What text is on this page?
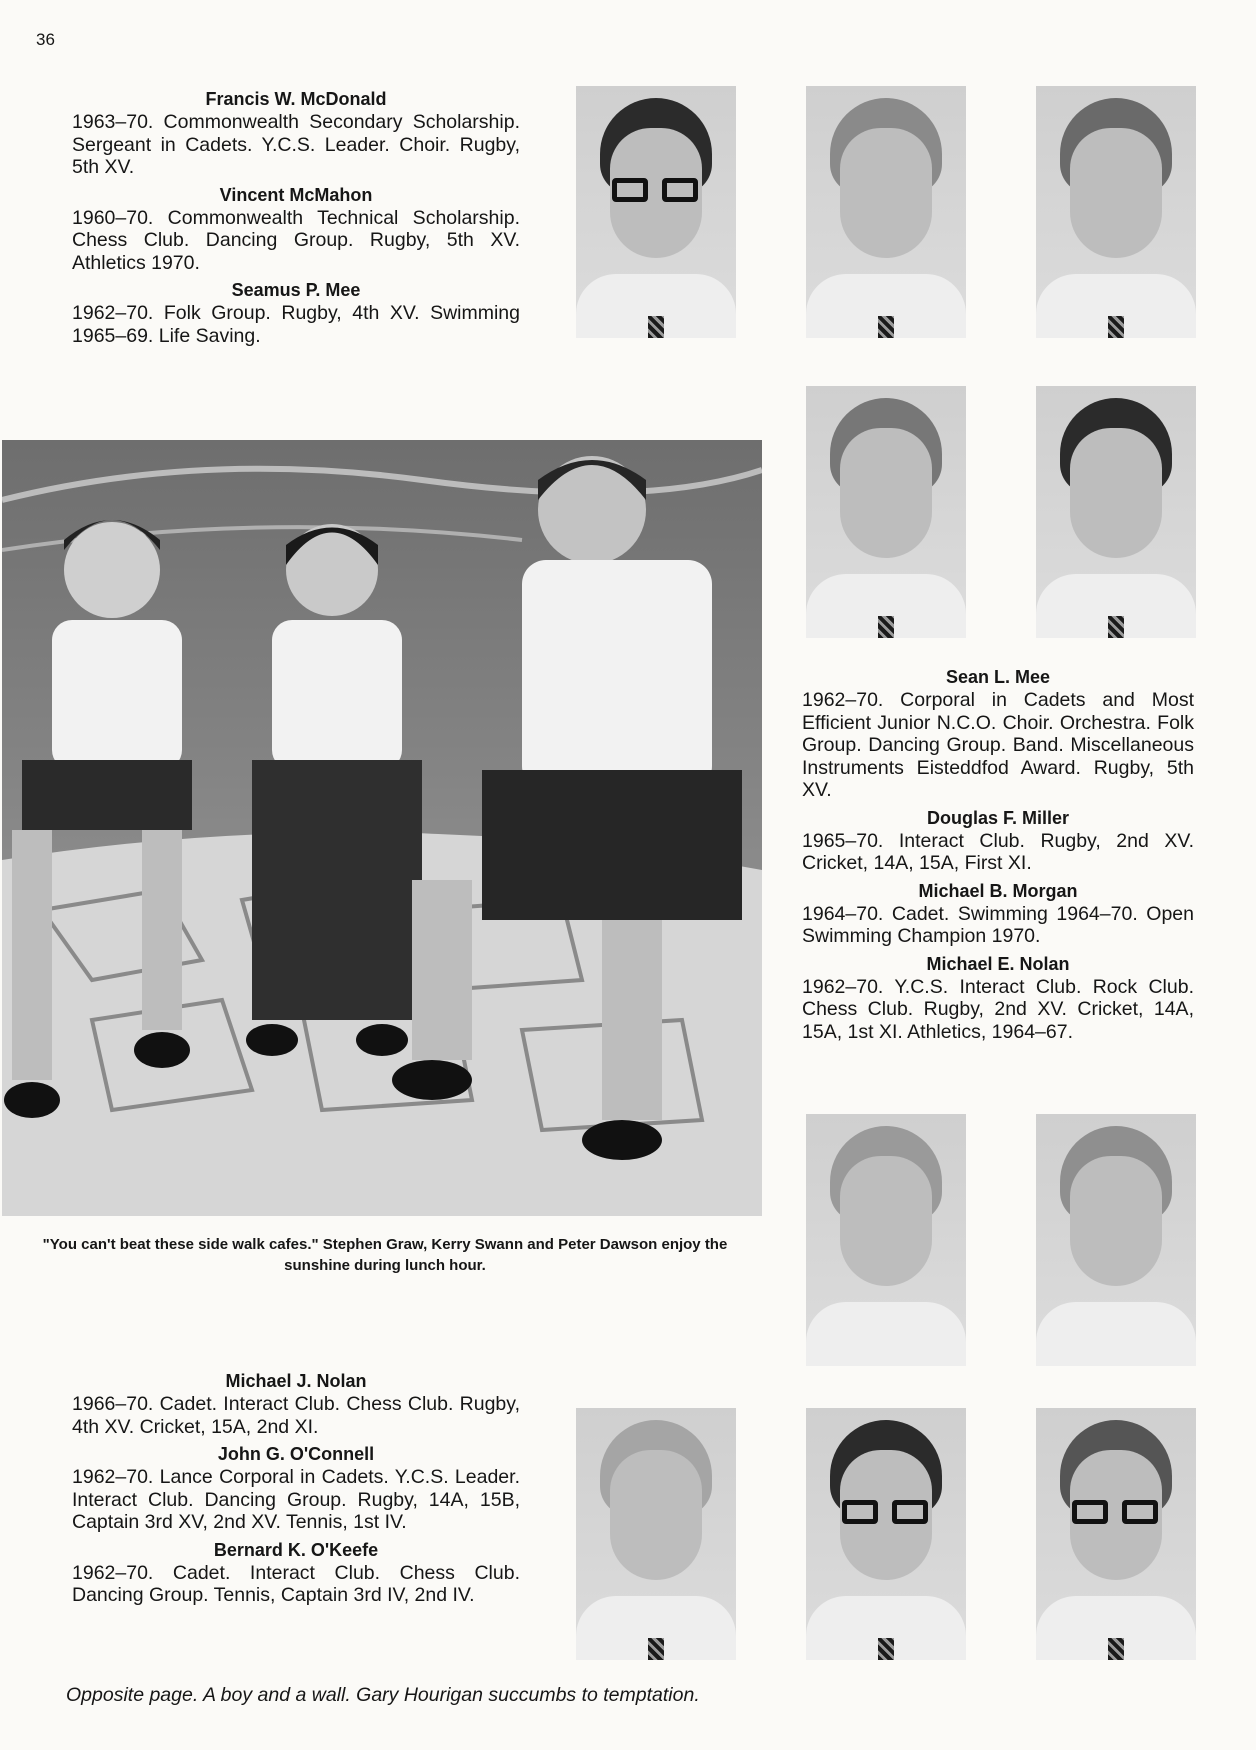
36
Francis W. McDonald
1963–70. Commonwealth Secondary Scholarship. Sergeant in Cadets. Y.C.S. Leader. Choir. Rugby, 5th XV.
Vincent McMahon
1960–70. Commonwealth Technical Scholarship. Chess Club. Dancing Group. Rugby, 5th XV. Athletics 1970.
Seamus P. Mee
1962–70. Folk Group. Rugby, 4th XV. Swimming 1965–69. Life Saving.
"You can't beat these side walk cafes." Stephen Graw, Kerry Swann and Peter Dawson enjoy the sunshine during lunch hour.
Sean L. Mee
1962–70. Corporal in Cadets and Most Efficient Junior N.C.O. Choir. Orchestra. Folk Group. Dancing Group. Band. Miscellaneous Instruments Eisteddfod Award. Rugby, 5th XV.
Douglas F. Miller
1965–70. Interact Club. Rugby, 2nd XV. Cricket, 14A, 15A, First XI.
Michael B. Morgan
1964–70. Cadet. Swimming 1964–70. Open Swimming Champion 1970.
Michael E. Nolan
1962–70. Y.C.S. Interact Club. Rock Club. Chess Club. Rugby, 2nd XV. Cricket, 14A, 15A, 1st XI. Athletics, 1964–67.
Michael J. Nolan
1966–70. Cadet. Interact Club. Chess Club. Rugby, 4th XV. Cricket, 15A, 2nd XI.
John G. O'Connell
1962–70. Lance Corporal in Cadets. Y.C.S. Leader. Interact Club. Dancing Group. Rugby, 14A, 15B, Captain 3rd XV, 2nd XV. Tennis, 1st IV.
Bernard K. O'Keefe
1962–70. Cadet. Interact Club. Chess Club. Dancing Group. Tennis, Captain 3rd IV, 2nd IV.
Opposite page. A boy and a wall. Gary Hourigan succumbs to temptation.
